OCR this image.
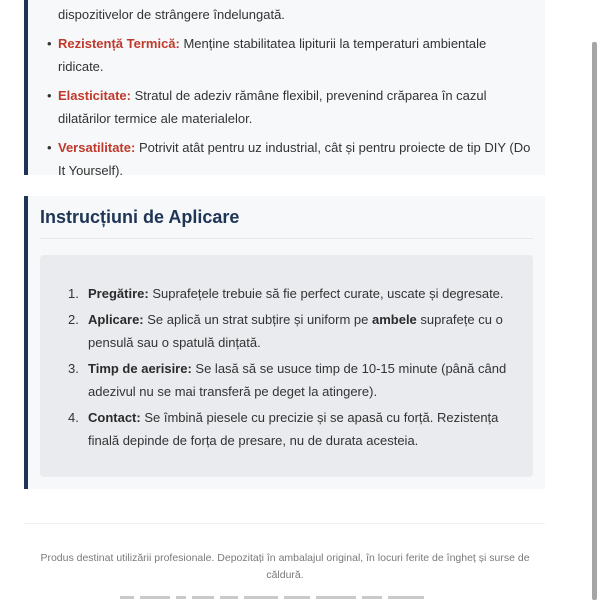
dispozitivelor de strângere îndelungată.
• Rezistență Termică: Menține stabilitatea lipiturii la temperaturi ambientale ridicate.
• Elasticitate: Stratul de adeziv rămâne flexibil, prevenind crăparea în cazul dilatărilor termice ale materialelor.
• Versatilitate: Potrivit atât pentru uz industrial, cât și pentru proiecte de tip DIY (Do It Yourself).
Instrucțiuni de Aplicare
1. Pregătire: Suprafețele trebuie să fie perfect curate, uscate și degresate.
2. Aplicare: Se aplică un strat subțire și uniform pe ambele suprafețe cu o pensulă sau o spatulă dințată.
3. Timp de aerisire: Se lasă să se usuce timp de 10-15 minute (până când adezivul nu se mai transferă pe deget la atingere).
4. Contact: Se îmbină piesele cu precizie și se apasă cu forță. Rezistența finală depinde de forța de presare, nu de durata acesteia.

Produs destinat utilizării profesionale. Depozitați în ambalajul original, în locuri ferite de îngheț și surse de căldură.
